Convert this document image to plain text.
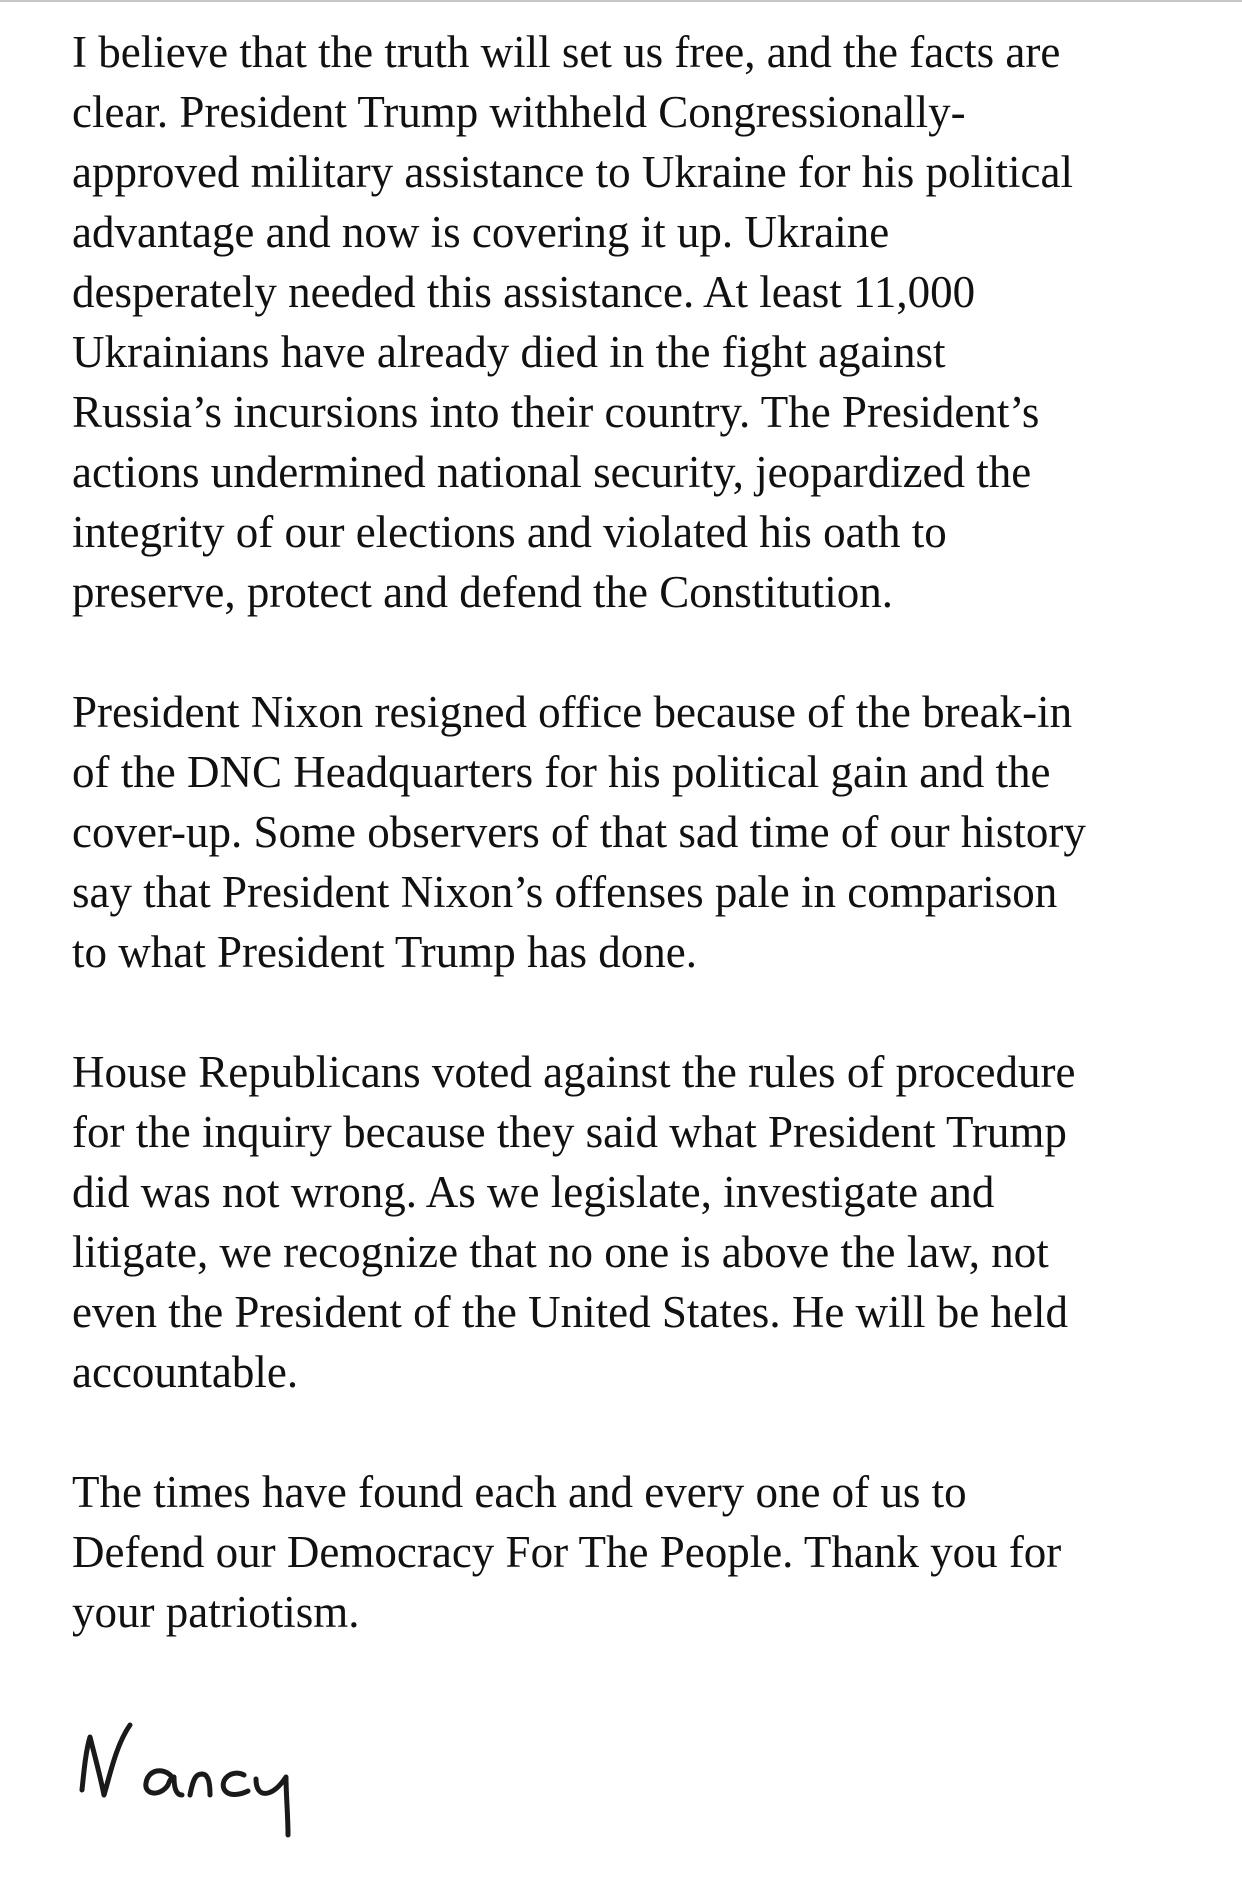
I believe that the truth will set us free, and the facts are
clear. President Trump withheld Congressionally-
approved military assistance to Ukraine for his political
advantage and now is covering it up. Ukraine
desperately needed this assistance. At least 11,000
Ukrainians have already died in the fight against
Russia’s incursions into their country. The President’s
actions undermined national security, jeopardized the
integrity of our elections and violated his oath to
preserve, protect and defend the Constitution.

President Nixon resigned office because of the break-in
of the DNC Headquarters for his political gain and the
cover-up. Some observers of that sad time of our history
say that President Nixon’s offenses pale in comparison
to what President Trump has done.

House Republicans voted against the rules of procedure
for the inquiry because they said what President Trump
did was not wrong. As we legislate, investigate and
litigate, we recognize that no one is above the law, not
even the President of the United States. He will be held
accountable.

The times have found each and every one of us to
Defend our Democracy For The People. Thank you for
your patriotism.
